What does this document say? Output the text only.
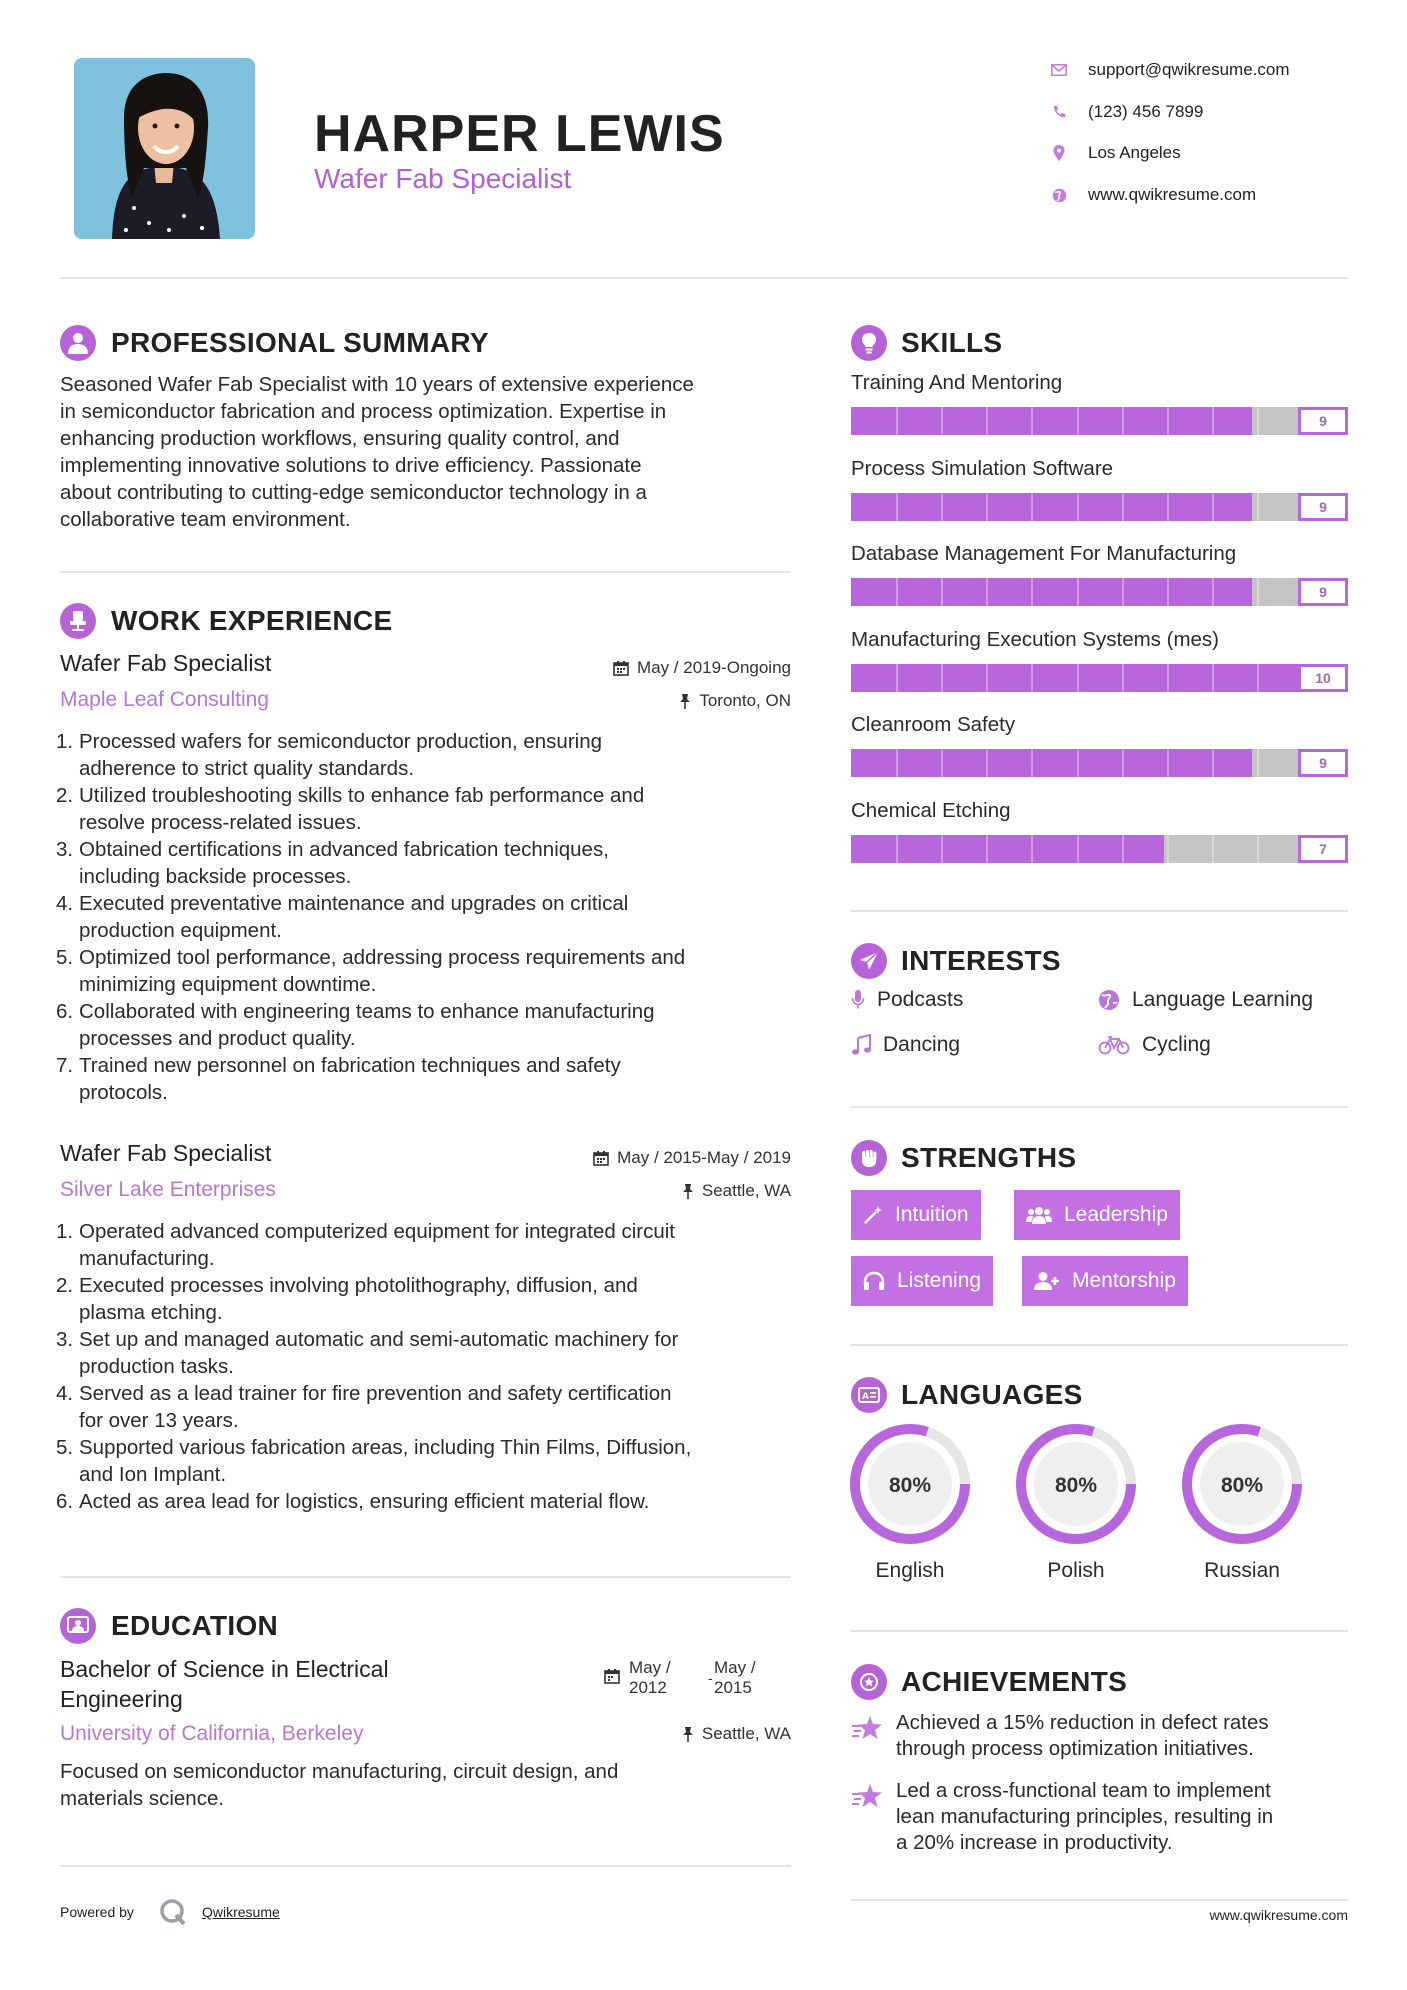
HARPER LEWIS
Wafer Fab Specialist
support@qwikresume.com
(123) 456 7899
Los Angeles
www.qwikresume.com
PROFESSIONAL SUMMARY
Seasoned Wafer Fab Specialist with 10 years of extensive experience
in semiconductor fabrication and process optimization. Expertise in
enhancing production workflows, ensuring quality control, and
implementing innovative solutions to drive efficiency. Passionate
about contributing to cutting-edge semiconductor technology in a
collaborative team environment.
WORK EXPERIENCE
Wafer Fab Specialist	May / 2019-Ongoing
Maple Leaf Consulting	Toronto, ON
1. Processed wafers for semiconductor production, ensuring
adherence to strict quality standards.
2. Utilized troubleshooting skills to enhance fab performance and
resolve process-related issues.
3. Obtained certifications in advanced fabrication techniques,
including backside processes.
4. Executed preventative maintenance and upgrades on critical
production equipment.
5. Optimized tool performance, addressing process requirements and
minimizing equipment downtime.
6. Collaborated with engineering teams to enhance manufacturing
processes and product quality.
7. Trained new personnel on fabrication techniques and safety
protocols.
Wafer Fab Specialist	May / 2015-May / 2019
Silver Lake Enterprises	Seattle, WA
1. Operated advanced computerized equipment for integrated circuit
manufacturing.
2. Executed processes involving photolithography, diffusion, and
plasma etching.
3. Set up and managed automatic and semi-automatic machinery for
production tasks.
4. Served as a lead trainer for fire prevention and safety certification
for over 13 years.
5. Supported various fabrication areas, including Thin Films, Diffusion,
and Ion Implant.
6. Acted as area lead for logistics, ensuring efficient material flow.
EDUCATION
Bachelor of Science in Electrical
Engineering
May /
2012	-
May /
2015
University of California, Berkeley	Seattle, WA
Focused on semiconductor manufacturing, circuit design, and
materials science.
Powered by	Qwikresume
SKILLS
Training And Mentoring
9
Process Simulation Software
9
Database Management For Manufacturing
9
Manufacturing Execution Systems (mes)
10
Cleanroom Safety
9
Chemical Etching
7
INTERESTS
Podcasts	Language Learning
Dancing	Cycling
STRENGTHS
Intuition	Leadership
Listening	Mentorship
A LANGUAGES
80%
English
80%
Polish
80%
Russian
ACHIEVEMENTS
Achieved a 15% reduction in defect rates
through process optimization initiatives.
Led a cross-functional team to implement
lean manufacturing principles, resulting in
a 20% increase in productivity.
www.qwikresume.com
